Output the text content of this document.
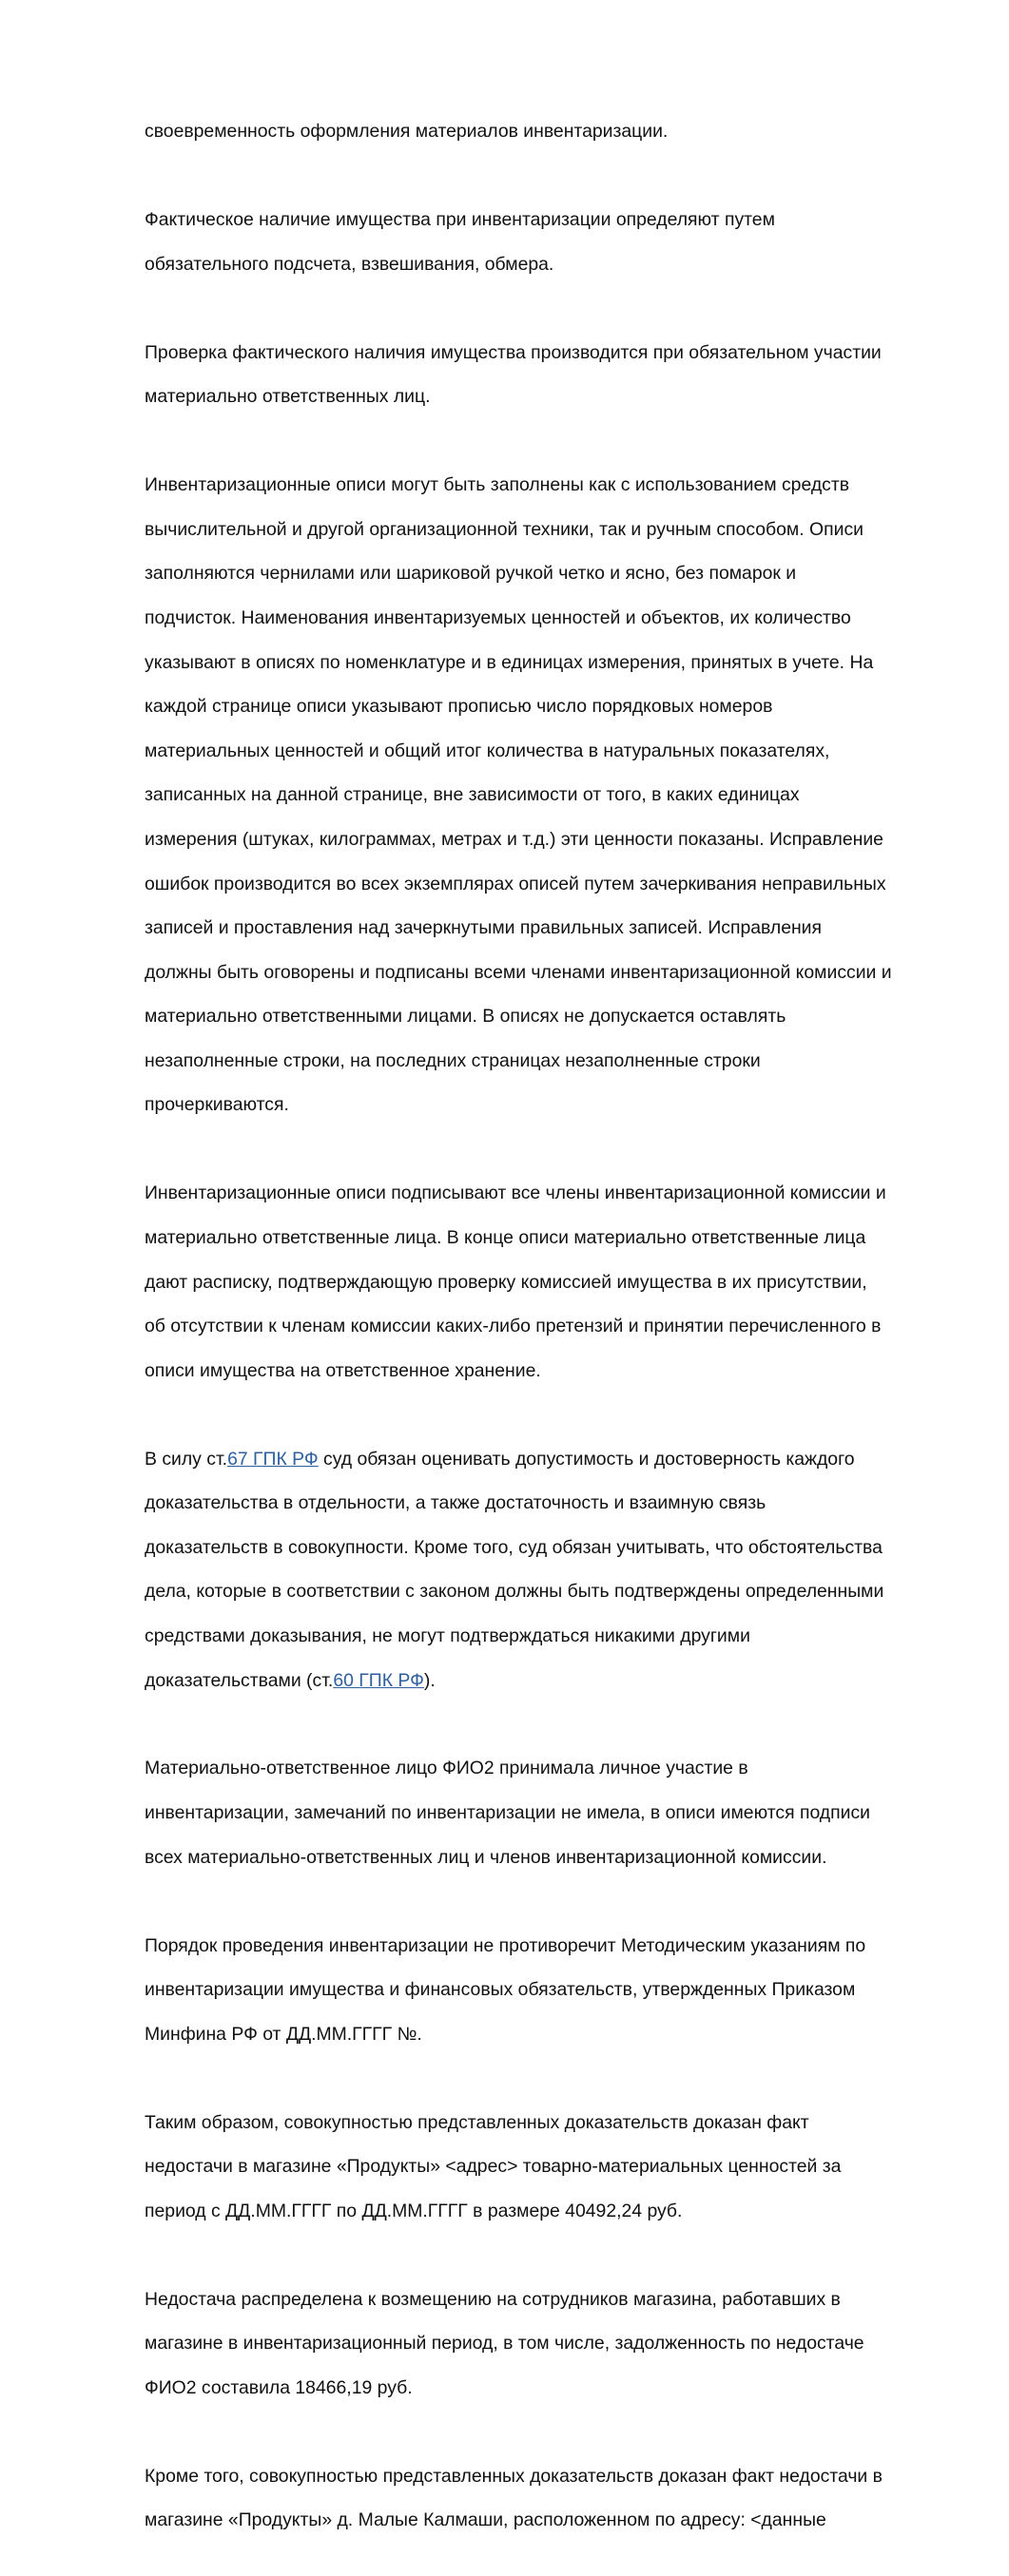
своевременность оформления материалов инвентаризации.

Фактическое наличие имущества при инвентаризации определяют путем

обязательного подсчета, взвешивания, обмера.

Проверка фактического наличия имущества производится при обязательном участии

материально ответственных лиц.

Инвентаризационные описи могут быть заполнены как с использованием средств

вычислительной и другой организационной техники, так и ручным способом. Описи

заполняются чернилами или шариковой ручкой четко и ясно, без помарок и

подчисток. Наименования инвентаризуемых ценностей и объектов, их количество

указывают в описях по номенклатуре и в единицах измерения, принятых в учете. На

каждой странице описи указывают прописью число порядковых номеров

материальных ценностей и общий итог количества в натуральных показателях,

записанных на данной странице, вне зависимости от того, в каких единицах

измерения (штуках, килограммах, метрах и т.д.) эти ценности показаны. Исправление

ошибок производится во всех экземплярах описей путем зачеркивания неправильных

записей и проставления над зачеркнутыми правильных записей. Исправления

должны быть оговорены и подписаны всеми членами инвентаризационной комиссии и

материально ответственными лицами. В описях не допускается оставлять

незаполненные строки, на последних страницах незаполненные строки

прочеркиваются.

Инвентаризационные описи подписывают все члены инвентаризационной комиссии и

материально ответственные лица. В конце описи материально ответственные лица

дают расписку, подтверждающую проверку комиссией имущества в их присутствии,

об отсутствии к членам комиссии каких-либо претензий и принятии перечисленного в

описи имущества на ответственное хранение.

В силу ст.67 ГПК РФ суд обязан оценивать допустимость и достоверность каждого

доказательства в отдельности, а также достаточность и взаимную связь

доказательств в совокупности. Кроме того, суд обязан учитывать, что обстоятельства

дела, которые в соответствии с законом должны быть подтверждены определенными

средствами доказывания, не могут подтверждаться никакими другими

доказательствами (ст.60 ГПК РФ).

Материально-ответственное лицо ФИО2 принимала личное участие в

инвентаризации, замечаний по инвентаризации не имела, в описи имеются подписи

всех материально-ответственных лиц и членов инвентаризационной комиссии.

Порядок проведения инвентаризации не противоречит Методическим указаниям по

инвентаризации имущества и финансовых обязательств, утвержденных Приказом

Минфина РФ от ДД.ММ.ГГГГ №.

Таким образом, совокупностью представленных доказательств доказан факт

недостачи в магазине «Продукты» <адрес> товарно-материальных ценностей за

период с ДД.ММ.ГГГГ по ДД.ММ.ГГГГ в размере 40492,24 руб.

Недостача распределена к возмещению на сотрудников магазина, работавших в

магазине в инвентаризационный период, в том числе, задолженность по недостаче

ФИО2 составила 18466,19 руб.

Кроме того, совокупностью представленных доказательств доказан факт недостачи в

магазине «Продукты» д. Малые Калмаши, расположенном по адресу: <данные
